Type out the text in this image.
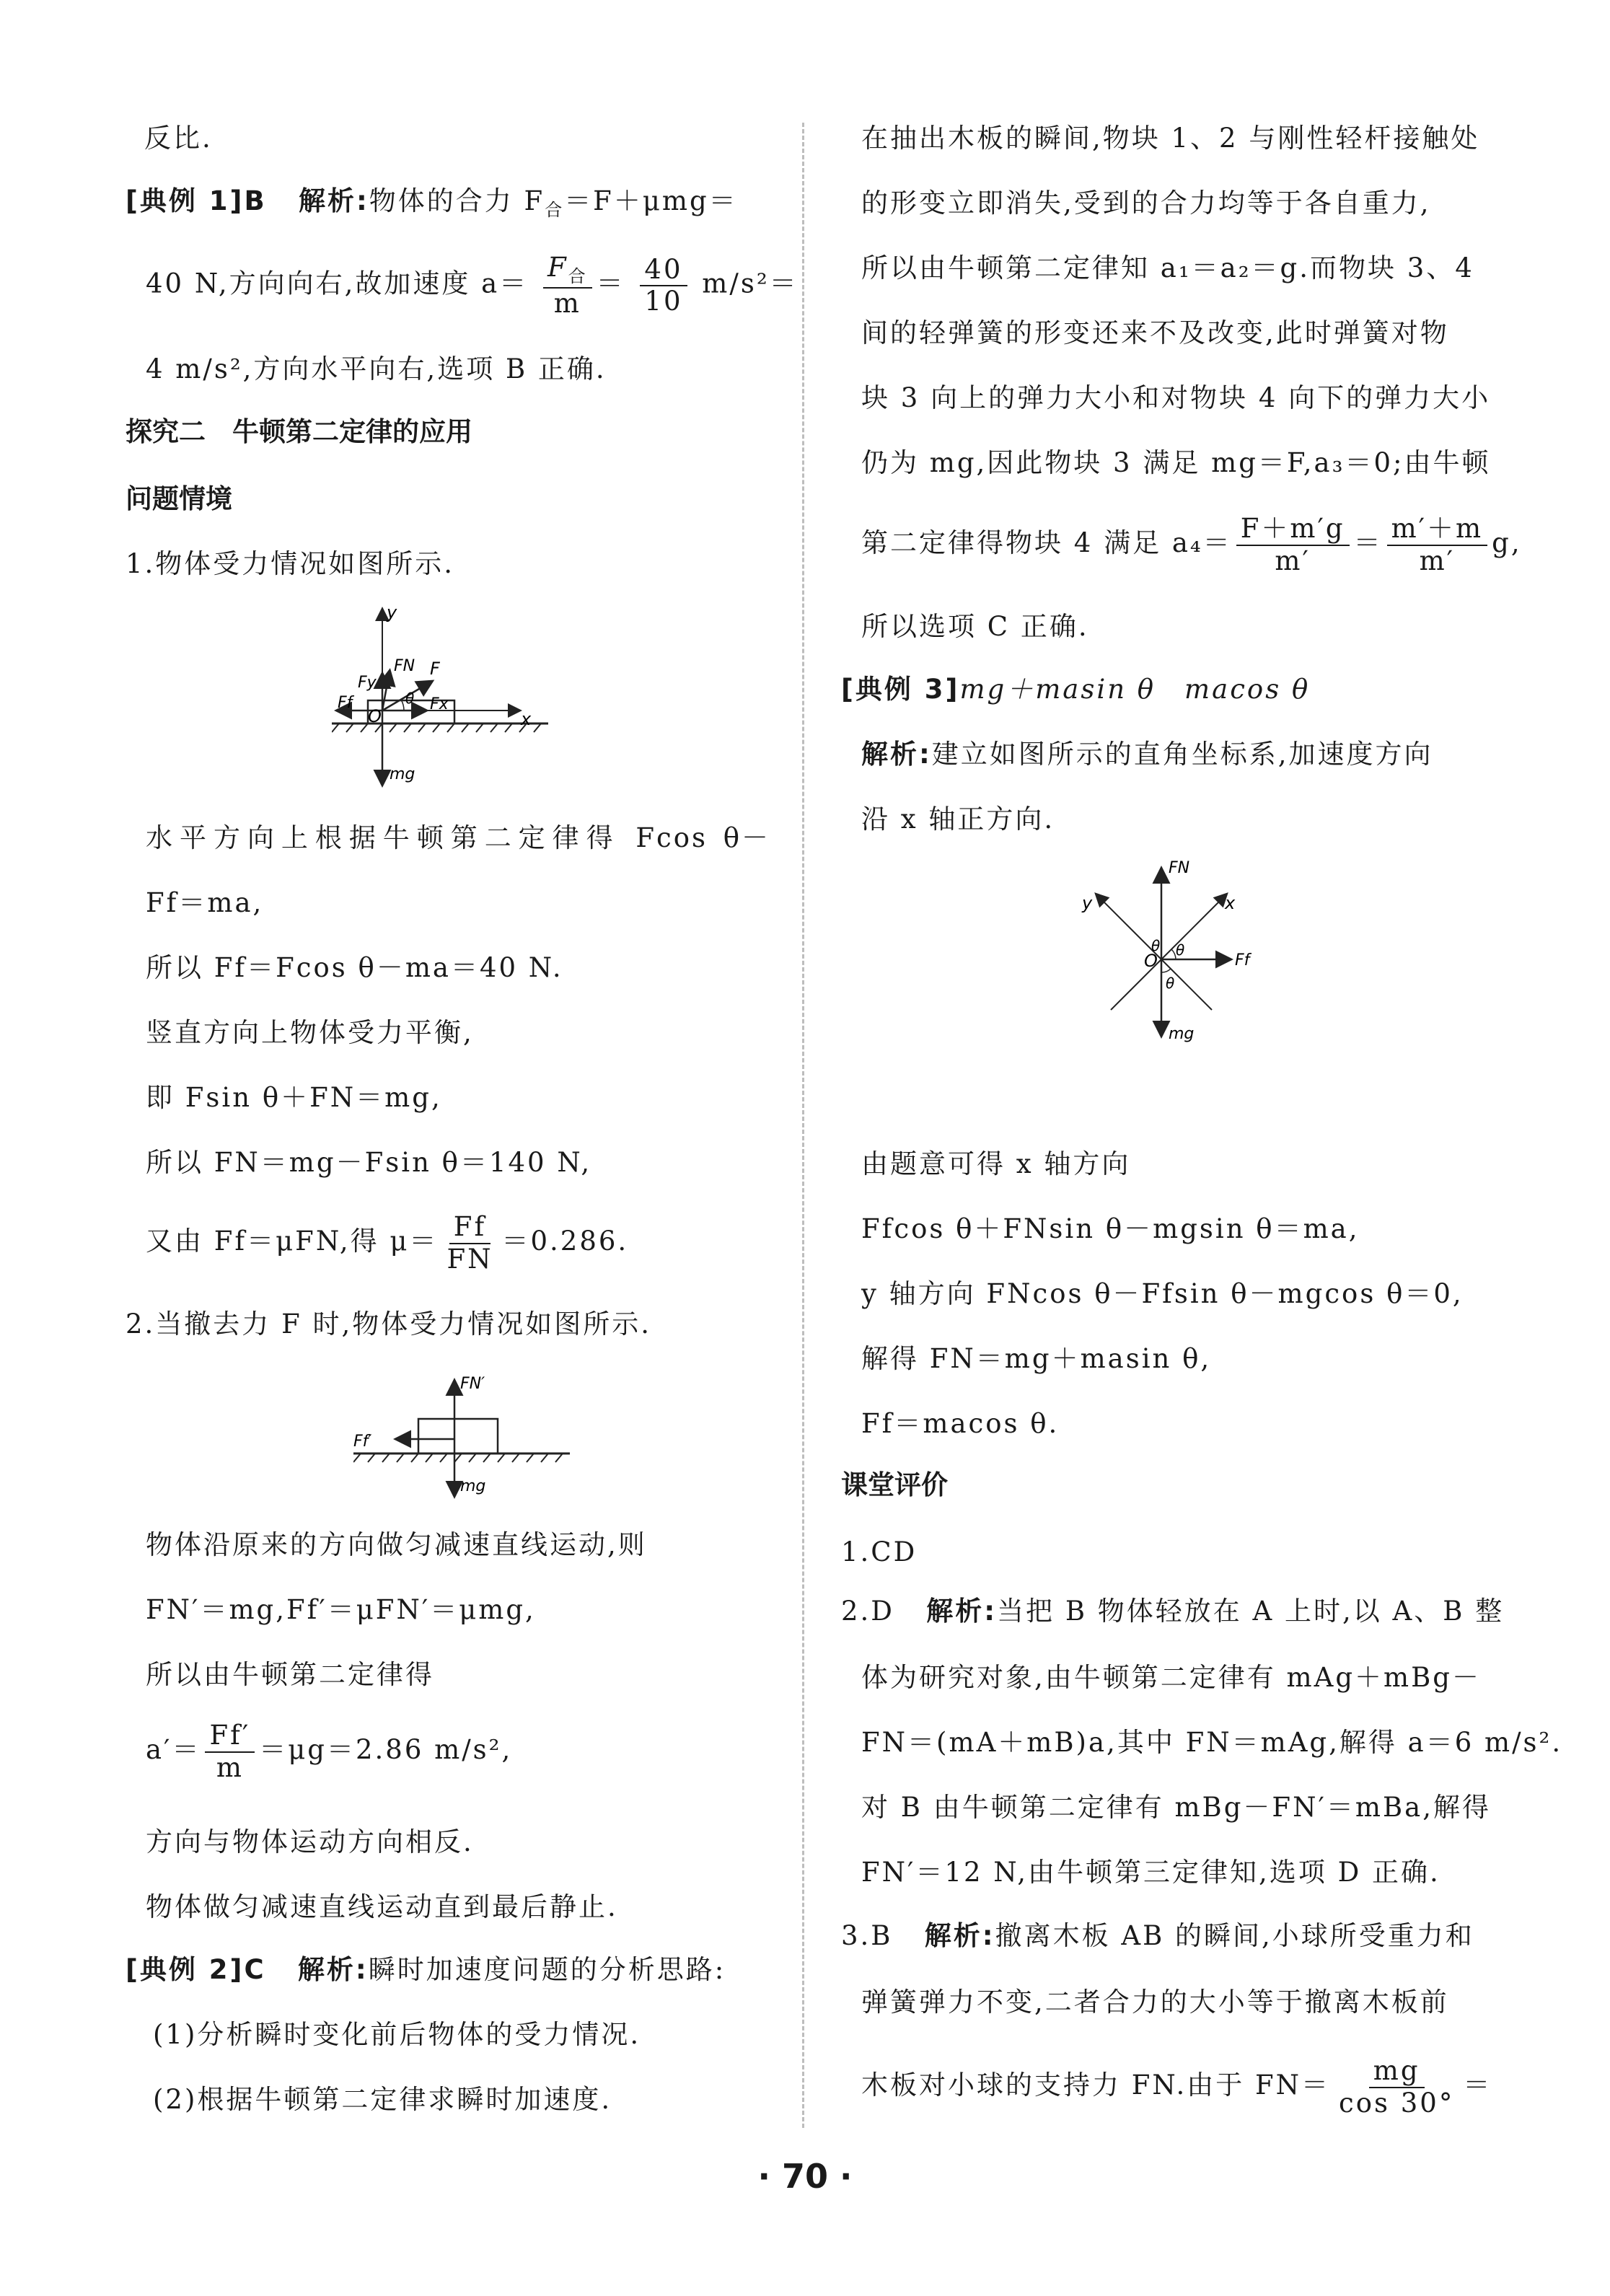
反比.
[典例 1]B 解析:物体的合力 $F_合=F+\mu mg=$
40 N,方向向右,故加速度 $a= \frac{F_合}{m} = \frac{40}{10} m/s^2=$
4 m/s²,方向水平向右,选项 B 正确.
探究二　牛顿第二定律的应用
问题情境
1.物体受力情况如图所示.
y
FN F
Fy
θ Fx
Ff
O	x
mg
水平方向上根据牛顿第二定律得 Fcos θ－
Ff＝ma,
所以 Ff＝Fcos θ－ma＝40 N.
竖直方向上物体受力平衡,
即 Fsin θ＋FN＝mg,
所以 FN＝mg－Fsin θ＝140 N,
又由 Ff＝μFN,得 $\mu= \frac{Ff}{FN} =0.286$.
2.当撤去力 F 时,物体受力情况如图所示.
FN′
Ff′
mg
物体沿原来的方向做匀减速直线运动,则
FN′＝mg,Ff′＝μFN′＝μmg,
所以由牛顿第二定律得
$a'= \frac{Ff'}{m} =\mu g=2.86$ m/s²,
方向与物体运动方向相反.
物体做匀减速直线运动直到最后静止.
[典例 2]C 解析:瞬时加速度问题的分析思路:
(1)分析瞬时变化前后物体的受力情况.
(2)根据牛顿第二定律求瞬时加速度.
在抽出木板的瞬间,物块 1、2 与刚性轻杆接触处
的形变立即消失,受到的合力均等于各自重力,
所以由牛顿第二定律知 a₁＝a₂＝g.而物块 3、4
间的轻弹簧的形变还来不及改变,此时弹簧对物
块 3 向上的弹力大小和对物块 4 向下的弹力大小
仍为 mg,因此物块 3 满足 mg＝F,a₃＝0;由牛顿
第二定律得物块 4 满足 $a_4= \frac{F+m'g}{m'} = \frac{m'+m}{m'} g$,
所以选项 C 正确.
[典例 3]mg＋masin θ　macos θ
解析:建立如图所示的直角坐标系,加速度方向
沿 x 轴正方向.
FN
y	x
O
θ θ
θ
Ff
mg
由题意可得 x 轴方向
Ffcos θ＋FNsin θ－mgsin θ＝ma,
y 轴方向 FNcos θ－Ffsin θ－mgcos θ＝0,
解得 FN＝mg＋masin θ,
Ff＝macos θ.
课堂评价
1.CD
2.D 解析:当把 B 物体轻放在 A 上时,以 A、B 整
体为研究对象,由牛顿第二定律有 mAg＋mBg－
FN＝(mA＋mB)a,其中 FN＝mAg,解得 a＝6 m/s².
对 B 由牛顿第二定律有 mBg－FN′＝mBa,解得
FN′＝12 N,由牛顿第三定律知,选项 D 正确.
3.B 解析:撤离木板 AB 的瞬间,小球所受重力和
弹簧弹力不变,二者合力的大小等于撤离木板前
木板对小球的支持力 FN.由于 $FN= \frac{mg}{\cos 30^\circ}$ ＝
· 70 ·
